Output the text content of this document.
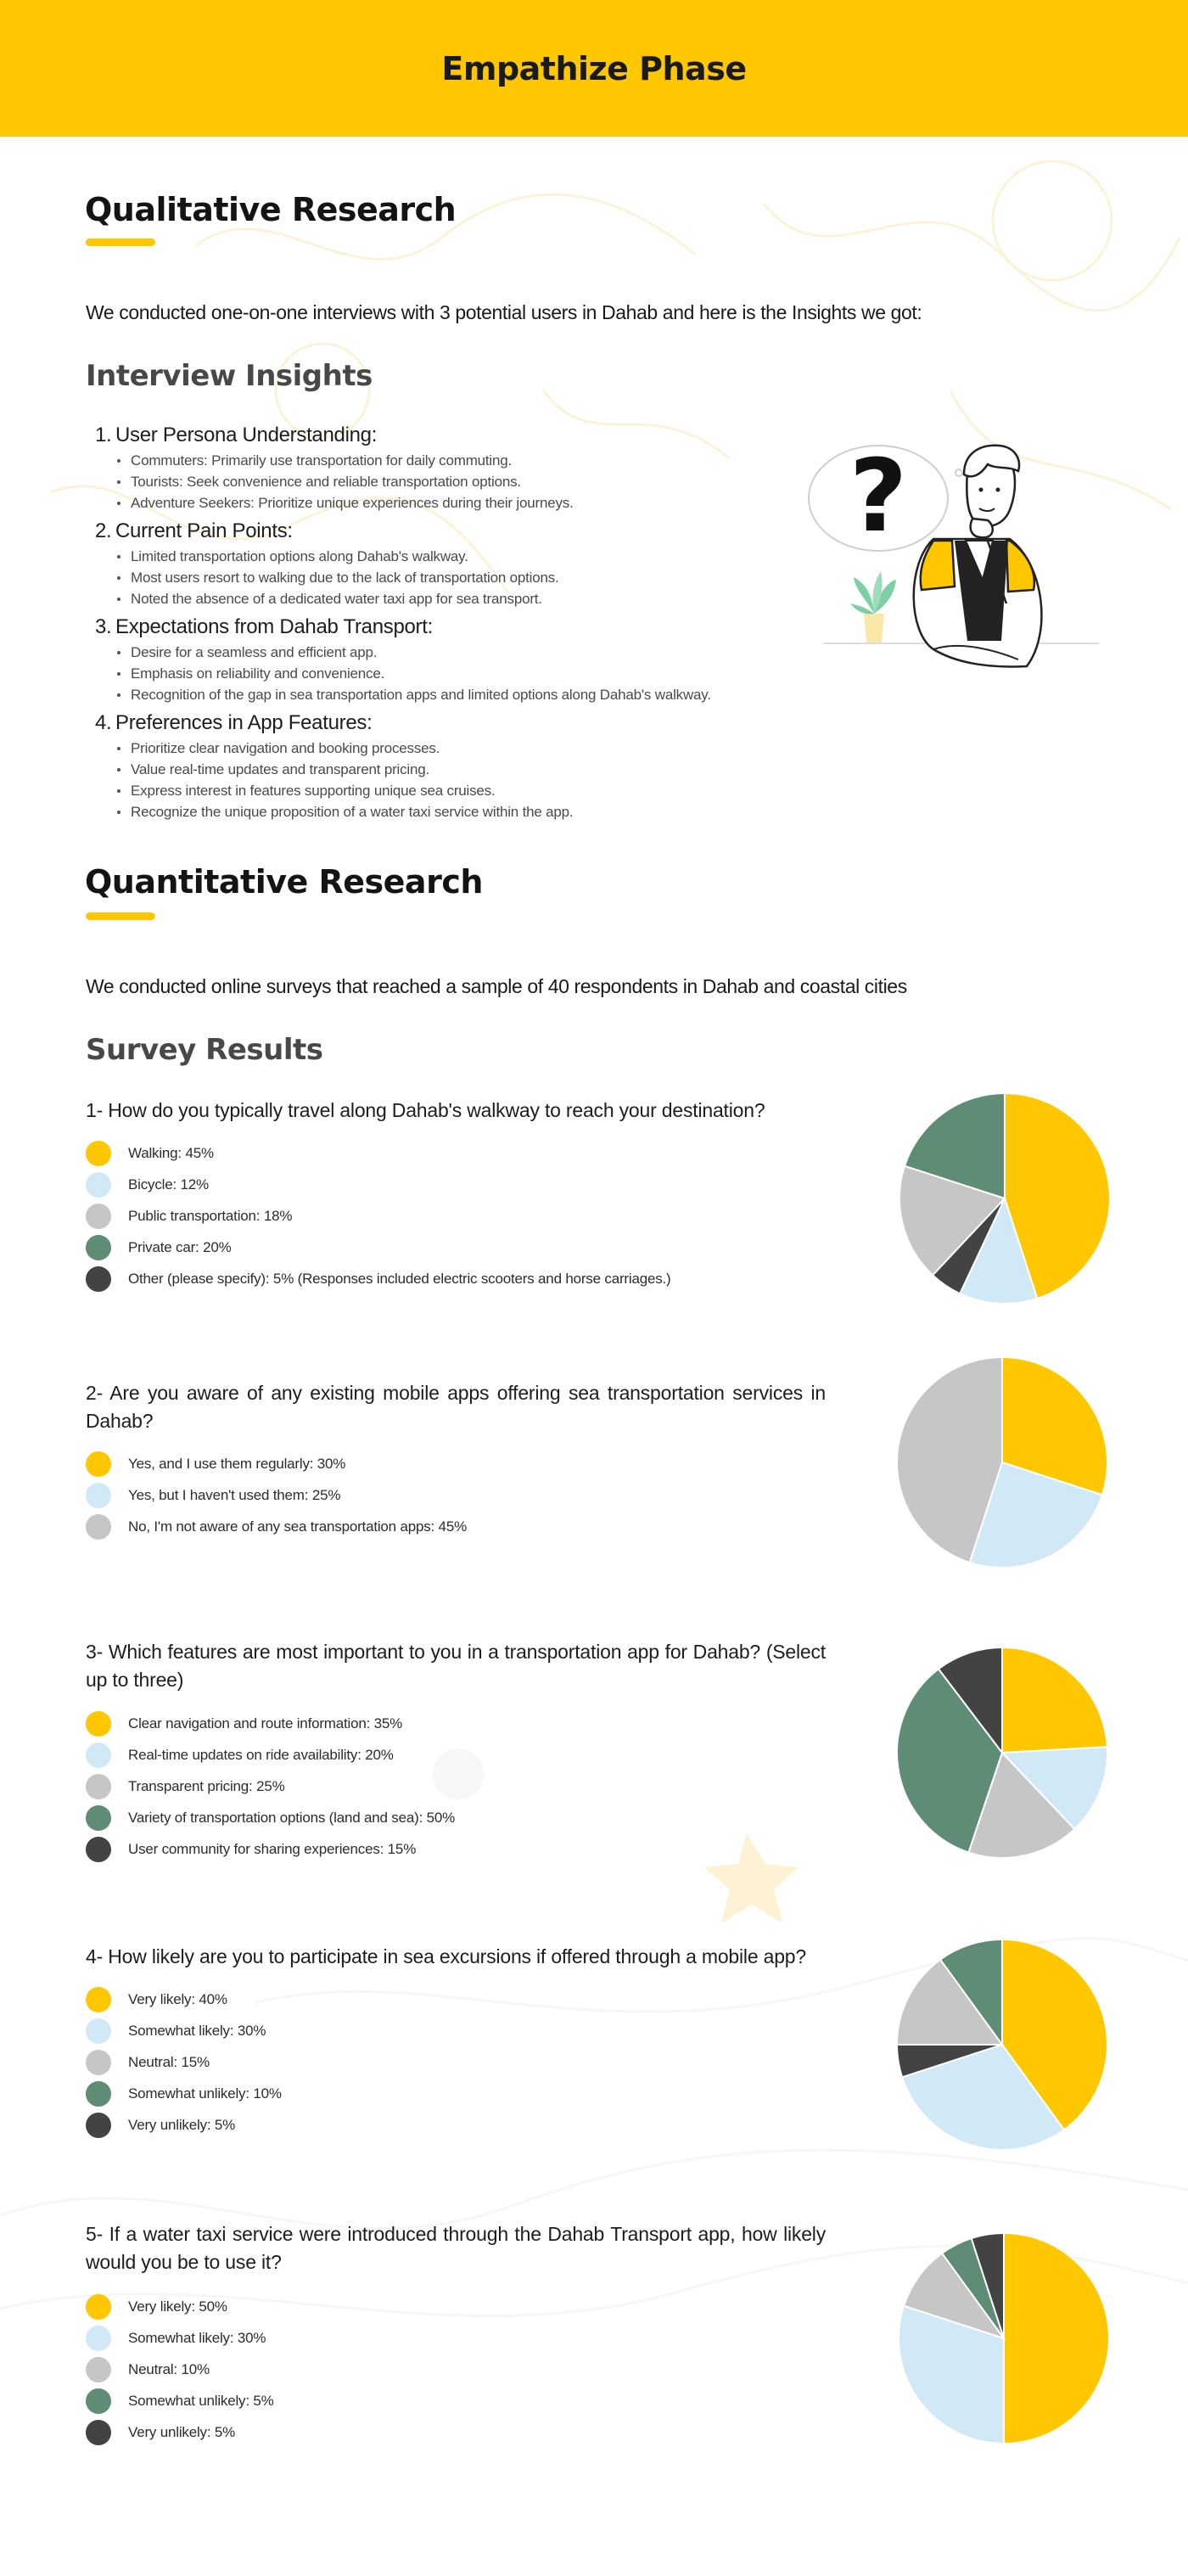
Empathize Phase
Qualitative Research

We conducted one-on-one interviews with 3 potential users in Dahab and here is the Insights we got:

Interview Insights
1. User Persona Understanding:
Commuters: Primarily use transportation for daily commuting.
Tourists: Seek convenience and reliable transportation options.
Adventure Seekers: Prioritize unique experiences during their journeys.
2. Current Pain Points:
Limited transportation options along Dahab's walkway.
Most users resort to walking due to the lack of transportation options.
Noted the absence of a dedicated water taxi app for sea transport.
3. Expectations from Dahab Transport:
Desire for a seamless and efficient app.
Emphasis on reliability and convenience.
Recognition of the gap in sea transportation apps and limited options along Dahab's walkway.
4. Preferences in App Features:
Prioritize clear navigation and booking processes.
Value real-time updates and transparent pricing.
Express interest in features supporting unique sea cruises.
Recognize the unique proposition of a water taxi service within the app.
?
Quantitative Research

We conducted online surveys that reached a sample of 40 respondents in Dahab and coastal cities

Survey Results

1- How do you typically travel along Dahab's walkway to reach your destination?

Walking: 45%
Bicycle: 12%
Public transportation: 18%
Private car: 20%
Other (please specify): 5% (Responses included electric scooters and horse carriages.)

2- Are you aware of any existing mobile apps offering sea transportation services in Dahab?

Yes, and I use them regularly: 30%
Yes, but I haven't used them: 25%
No, I'm not aware of any sea transportation apps: 45%

3- Which features are most important to you in a transportation app for Dahab? (Select up to three)

Clear navigation and route information: 35%
Real-time updates on ride availability: 20%
Transparent pricing: 25%
Variety of transportation options (land and sea): 50%
User community for sharing experiences: 15%

4- How likely are you to participate in sea excursions if offered through a mobile app?

Very likely: 40%
Somewhat likely: 30%
Neutral: 15%
Somewhat unlikely: 10%
Very unlikely: 5%

5- If a water taxi service were introduced through the Dahab Transport app, how likely would you be to use it?

Very likely: 50%
Somewhat likely: 30%
Neutral: 10%
Somewhat unlikely: 5%
Very unlikely: 5%
